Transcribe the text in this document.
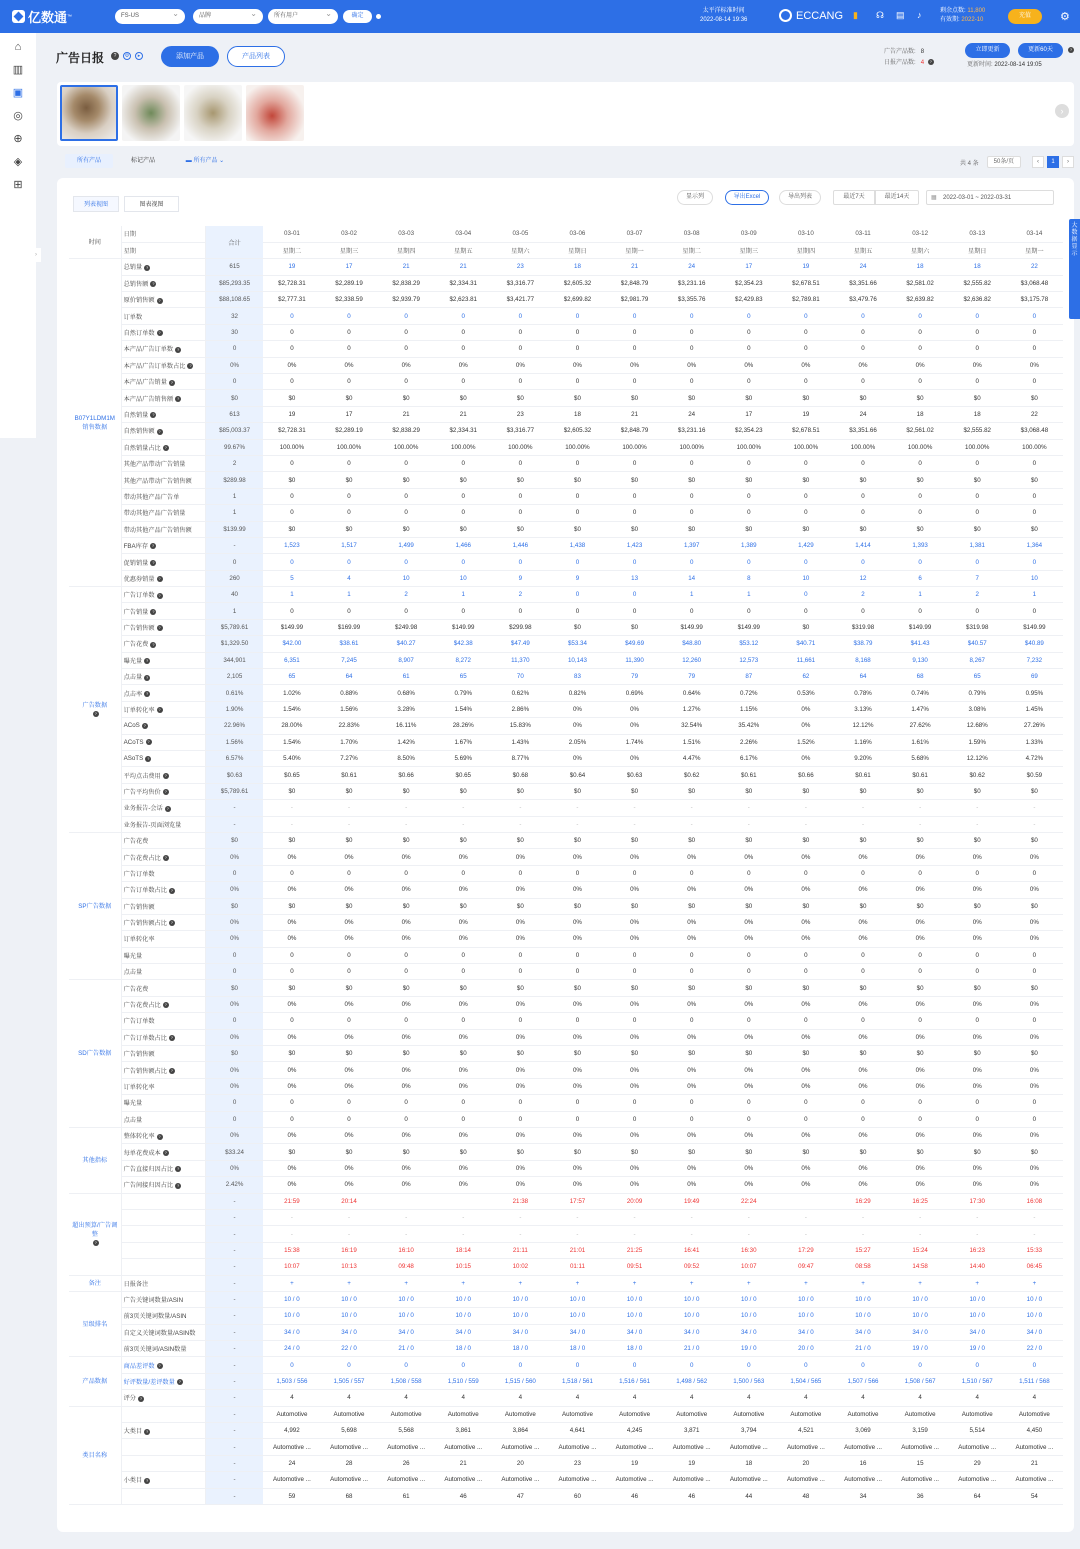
亿数通 ™	FS-US ⌄	品牌 ⌄	所有用户 ⌄	确定
太平洋标准时间
2022-08-14 19:36	ECCANG ▮ ☊ ▤ ♪	剩余点数: 11,800
有效期: 2022-10
充值	⚙
⌂
▥
▣
◎
⊕
◈
⊞
›
广告日报	?	⚙	▸	添加产品	产品列表
广告产品数: 8
日报产品数: 4 ?
立即更新	更新60天	?
更新时间: 2022-08-14 19:05
›
所有产品	标记产品	▬ 所有产品 ⌄	共 4 条	50条/页	‹	1	›
列表视图	图表视图
显示列	导出Excel	导出列表	最近7天	最近14天	▦ 2022-03-01 ~ 2022-03-31
时间	日期	合计	03-01	03-02	03-03	03-04	03-05	03-06	03-07	03-08	03-09	03-10	03-11	03-12	03-13	03-14
	星期		星期二	星期三	星期四	星期五	星期六	星期日	星期一	星期二	星期三	星期四	星期五	星期六	星期日	星期一
B07Y1LDM1M 销售数据	总销量 ?	615	19	17	21	21	23	18	21	24	17	19	24	18	18	22
	总销售额 ?	$85,293.35	$2,728.31	$2,289.19	$2,838.29	$2,334.31	$3,316.77	$2,605.32	$2,848.79	$3,231.16	$2,354.23	$2,678.51	$3,351.66	$2,581.02	$2,555.82	$3,068.48
	原价销售额 ?	$88,108.65	$2,777.31	$2,338.59	$2,939.79	$2,623.81	$3,421.77	$2,699.82	$2,981.79	$3,355.76	$2,429.83	$2,789.81	$3,479.76	$2,639.82	$2,636.82	$3,175.78
	订单数	32	0	0	0	0	0	0	0	0	0	0	0	0	0	0
	自然订单数 ?	30	0	0	0	0	0	0	0	0	0	0	0	0	0	0
	本产品广告订单数 ?	0	0	0	0	0	0	0	0	0	0	0	0	0	0	0
	本产品广告订单数占比 ?	0%	0%	0%	0%	0%	0%	0%	0%	0%	0%	0%	0%	0%	0%	0%
	本产品广告销量 ?	0	0	0	0	0	0	0	0	0	0	0	0	0	0	0
	本产品广告销售额 ?	$0	$0	$0	$0	$0	$0	$0	$0	$0	$0	$0	$0	$0	$0	$0
	自然销量 ?	613	19	17	21	21	23	18	21	24	17	19	24	18	18	22
	自然销售额 ?	$85,003.37	$2,728.31	$2,289.19	$2,838.29	$2,334.31	$3,316.77	$2,605.32	$2,848.79	$3,231.16	$2,354.23	$2,678.51	$3,351.66	$2,561.02	$2,555.82	$3,068.48
	自然销量占比 ?	99.67%	100.00%	100.00%	100.00%	100.00%	100.00%	100.00%	100.00%	100.00%	100.00%	100.00%	100.00%	100.00%	100.00%	100.00%
	其他产品带动广告销量	2	0	0	0	0	0	0	0	0	0	0	0	0	0	0
	其他产品带动广告销售额	$289.98	$0	$0	$0	$0	$0	$0	$0	$0	$0	$0	$0	$0	$0	$0
	带动其他产品广告单	1	0	0	0	0	0	0	0	0	0	0	0	0	0	0
	带动其他产品广告销量	1	0	0	0	0	0	0	0	0	0	0	0	0	0	0
	带动其他产品广告销售额	$139.99	$0	$0	$0	$0	$0	$0	$0	$0	$0	$0	$0	$0	$0	$0
	FBA库存 ?	-	1,523	1,517	1,499	1,466	1,446	1,438	1,423	1,397	1,389	1,429	1,414	1,393	1,381	1,364
	促销销量 ?	0	0	0	0	0	0	0	0	0	0	0	0	0	0	0
	优惠券销量 ?	260	5	4	10	10	9	9	13	14	8	10	12	6	7	10
广告数据
?	广告订单数 ?	40	1	1	2	1	2	0	0	1	1	0	2	1	2	1
	广告销量 ?	1	0	0	0	0	0	0	0	0	0	0	0	0	0	0
	广告销售额 ?	$5,789.61	$149.99	$169.99	$249.98	$149.99	$299.98	$0	$0	$149.99	$149.99	$0	$319.98	$149.99	$319.98	$149.99
	广告花费 ?	$1,329.50	$42.00	$38.61	$40.27	$42.38	$47.49	$53.34	$49.69	$48.80	$53.12	$40.71	$38.79	$41.43	$40.57	$40.89
	曝光量 ?	344,901	6,351	7,245	8,907	8,272	11,370	10,143	11,390	12,260	12,573	11,661	8,168	9,130	8,267	7,232
	点击量 ?	2,105	65	64	61	65	70	83	79	79	87	62	64	68	65	69
	点击率 ?	0.61%	1.02%	0.88%	0.68%	0.79%	0.62%	0.82%	0.69%	0.64%	0.72%	0.53%	0.78%	0.74%	0.79%	0.95%
	订单转化率 ?	1.90%	1.54%	1.56%	3.28%	1.54%	2.86%	0%	0%	1.27%	1.15%	0%	3.13%	1.47%	3.08%	1.45%
	ACoS ?	22.96%	28.00%	22.83%	16.11%	28.26%	15.83%	0%	0%	32.54%	35.42%	0%	12.12%	27.62%	12.68%	27.26%
	ACoTS ?	1.56%	1.54%	1.70%	1.42%	1.67%	1.43%	2.05%	1.74%	1.51%	2.26%	1.52%	1.16%	1.61%	1.59%	1.33%
	ASoTS ?	6.57%	5.40%	7.27%	8.50%	5.69%	8.77%	0%	0%	4.47%	6.17%	0%	9.20%	5.68%	12.12%	4.72%
	平均点击费用 ?	$0.63	$0.65	$0.61	$0.66	$0.65	$0.68	$0.64	$0.63	$0.62	$0.61	$0.66	$0.61	$0.61	$0.62	$0.59
	广告平均售价 ?	$5,789.61	$0	$0	$0	$0	$0	$0	$0	$0	$0	$0	$0	$0	$0	$0
	业务报告-会话 ?	-	-	-	-	-	-	-	-	-	-	-	-	-	-	-
	业务报告-页面浏览量	-	-	-	-	-	-	-	-	-	-	-	-	-	-	-
SP广告数据	广告花费	$0	$0	$0	$0	$0	$0	$0	$0	$0	$0	$0	$0	$0	$0	$0
	广告花费占比 ?	0%	0%	0%	0%	0%	0%	0%	0%	0%	0%	0%	0%	0%	0%	0%
	广告订单数	0	0	0	0	0	0	0	0	0	0	0	0	0	0	0
	广告订单数占比 ?	0%	0%	0%	0%	0%	0%	0%	0%	0%	0%	0%	0%	0%	0%	0%
	广告销售额	$0	$0	$0	$0	$0	$0	$0	$0	$0	$0	$0	$0	$0	$0	$0
	广告销售额占比 ?	0%	0%	0%	0%	0%	0%	0%	0%	0%	0%	0%	0%	0%	0%	0%
	订单转化率	0%	0%	0%	0%	0%	0%	0%	0%	0%	0%	0%	0%	0%	0%	0%
	曝光量	0	0	0	0	0	0	0	0	0	0	0	0	0	0	0
	点击量	0	0	0	0	0	0	0	0	0	0	0	0	0	0	0
SD广告数据	广告花费	$0	$0	$0	$0	$0	$0	$0	$0	$0	$0	$0	$0	$0	$0	$0
	广告花费占比 ?	0%	0%	0%	0%	0%	0%	0%	0%	0%	0%	0%	0%	0%	0%	0%
	广告订单数	0	0	0	0	0	0	0	0	0	0	0	0	0	0	0
	广告订单数占比 ?	0%	0%	0%	0%	0%	0%	0%	0%	0%	0%	0%	0%	0%	0%	0%
	广告销售额	$0	$0	$0	$0	$0	$0	$0	$0	$0	$0	$0	$0	$0	$0	$0
	广告销售额占比 ?	0%	0%	0%	0%	0%	0%	0%	0%	0%	0%	0%	0%	0%	0%	0%
	订单转化率	0%	0%	0%	0%	0%	0%	0%	0%	0%	0%	0%	0%	0%	0%	0%
	曝光量	0	0	0	0	0	0	0	0	0	0	0	0	0	0	0
	点击量	0	0	0	0	0	0	0	0	0	0	0	0	0	0	0
其他指标	整体转化率 ?	0%	0%	0%	0%	0%	0%	0%	0%	0%	0%	0%	0%	0%	0%	0%
	每单花费成本 ?	$33.24	$0	$0	$0	$0	$0	$0	$0	$0	$0	$0	$0	$0	$0	$0
	广告直接归因占比 ?	0%	0%	0%	0%	0%	0%	0%	0%	0%	0%	0%	0%	0%	0%	0%
	广告间接归因占比 ?	2.42%	0%	0%	0%	0%	0%	0%	0%	0%	0%	0%	0%	0%	0%	0%
超出预算/广告调整
?		-	21:59	20:14			21:38	17:57	20:09	19:49	22:24		16:29	16:25	17:30	16:08
		-	-	-	-	-	-	-	-	-	-	-	-	-	-	-
		-	-	-	-	-	-	-	-	-	-	-	-	-	-	-
		-	15:38	16:19	16:10	18:14	21:11	21:01	21:25	16:41	16:30	17:29	15:27	15:24	16:23	15:33
		-	10:07	10:13	09:48	10:15	10:02	01:11	09:51	09:52	10:07	09:47	08:58	14:58	14:40	06:45
备注	日报备注	-	+	+	+	+	+	+	+	+	+	+	+	+	+	+
星级排名	广告关键词数量/ASIN	-	10 / 0	10 / 0	10 / 0	10 / 0	10 / 0	10 / 0	10 / 0	10 / 0	10 / 0	10 / 0	10 / 0	10 / 0	10 / 0	10 / 0
	前3页关键词数量/ASIN	-	10 / 0	10 / 0	10 / 0	10 / 0	10 / 0	10 / 0	10 / 0	10 / 0	10 / 0	10 / 0	10 / 0	10 / 0	10 / 0	10 / 0
	自定义关键词数量/ASIN数	-	34 / 0	34 / 0	34 / 0	34 / 0	34 / 0	34 / 0	34 / 0	34 / 0	34 / 0	34 / 0	34 / 0	34 / 0	34 / 0	34 / 0
	前3页关键词/ASIN数量	-	24 / 0	22 / 0	21 / 0	18 / 0	18 / 0	18 / 0	18 / 0	21 / 0	19 / 0	20 / 0	21 / 0	19 / 0	19 / 0	22 / 0
产品数据	商品差评数 ?	-	0	0	0	0	0	0	0	0	0	0	0	0	0	0
	好评数量/差评数量 ?	-	1,503 / 556	1,505 / 557	1,508 / 558	1,510 / 559	1,515 / 560	1,518 / 561	1,516 / 561	1,498 / 562	1,500 / 563	1,504 / 565	1,507 / 566	1,508 / 567	1,510 / 567	1,511 / 568
	评分 ?	-	4	4	4	4	4	4	4	4	4	4	4	4	4	4
类目名称		-	Automotive	Automotive	Automotive	Automotive	Automotive	Automotive	Automotive	Automotive	Automotive	Automotive	Automotive	Automotive	Automotive	Automotive
	大类目 ?	-	4,992	5,698	5,568	3,861	3,864	4,641	4,245	3,871	3,794	4,521	3,069	3,159	5,514	4,450
		-	Automotive ...	Automotive ...	Automotive ...	Automotive ...	Automotive ...	Automotive ...	Automotive ...	Automotive ...	Automotive ...	Automotive ...	Automotive ...	Automotive ...	Automotive ...	Automotive ...
		-	24	28	26	21	20	23	19	19	18	20	16	15	29	21
	小类目 ?	-	Automotive ...	Automotive ...	Automotive ...	Automotive ...	Automotive ...	Automotive ...	Automotive ...	Automotive ...	Automotive ...	Automotive ...	Automotive ...	Automotive ...	Automotive ...	Automotive ...
		-	59	68	61	46	47	60	46	46	44	48	34	36	64	54
大数据显示
